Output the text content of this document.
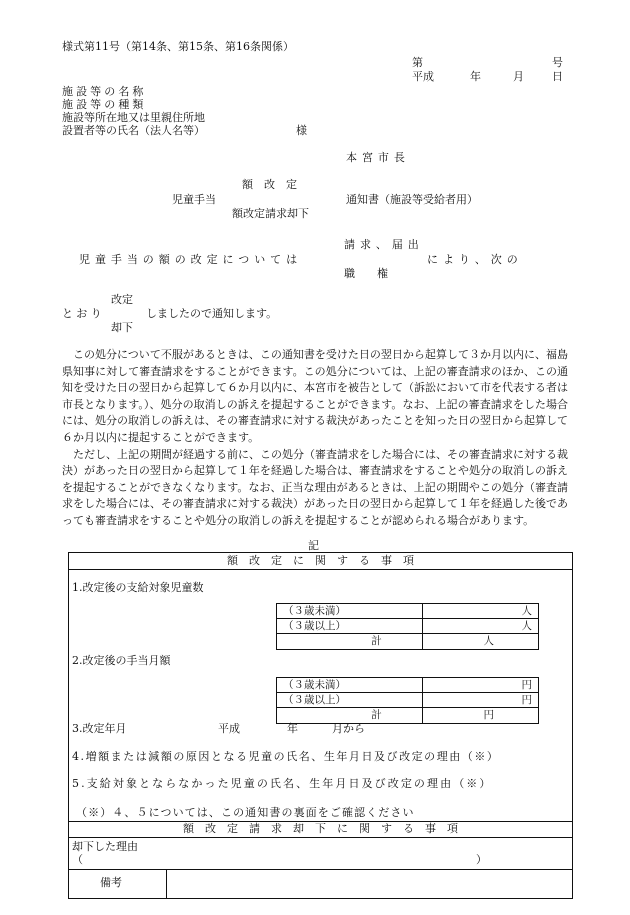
様式第11号（第14条、第15条、第16条関係）
第	号
平成	年	月	日
施設等の名称
施設等の種類
施設等所在地又は里親住所地
設置者等の氏名（法人名等）	様
本宮市長
額　改　定
児童手当	通知書（施設等受給者用）
額改定請求却下
請求、届出
児童手当の額の改定については	により、次の
職　　権
改定
とおり	しましたので通知します。
却下

この処分について不服があるときは、この通知書を受けた日の翌日から起算して３か月以内に、福島県知事に対して審査請求をすることができます。この処分については、上記の審査請求のほか、この通知を受けた日の翌日から起算して６か月以内に、本宮市を被告として（訴訟において市を代表する者は市長となります。）、処分の取消しの訴えを提起することができます。なお、上記の審査請求をした場合には、処分の取消しの訴えは、その審査請求に対する裁決があったことを知った日の翌日から起算して６か月以内に提起することができます。

ただし、上記の期間が経過する前に、この処分（審査請求をした場合には、その審査請求に対する裁決）があった日の翌日から起算して１年を経過した場合は、審査請求をすることや処分の取消しの訴えを提起することができなくなります。なお、正当な理由があるときは、上記の期間やこの処分（審査請求をした場合には、その審査請求に対する裁決）があった日の翌日から起算して１年を経過した後であっても審査請求をすることや処分の取消しの訴えを提起することが認められる場合があります。

記
額　改　定　に　関　す　る　事　項
1.改定後の支給対象児童数
（３歳未満）	人
（３歳以上）	人
計	人
2.改定後の手当月額
（３歳未満）	円
（３歳以上）	円
計	円
3.改定年月	平成	年	月から
4.増額または減額の原因となる児童の氏名、生年月日及び改定の理由（※）
5.支給対象とならなかった児童の氏名、生年月日及び改定の理由（※）
（※）４、５については、この通知書の裏面をご確認ください
額　改　定　請　求　却　下　に　関　す　る　事　項
却下した理由
（	）
備考
